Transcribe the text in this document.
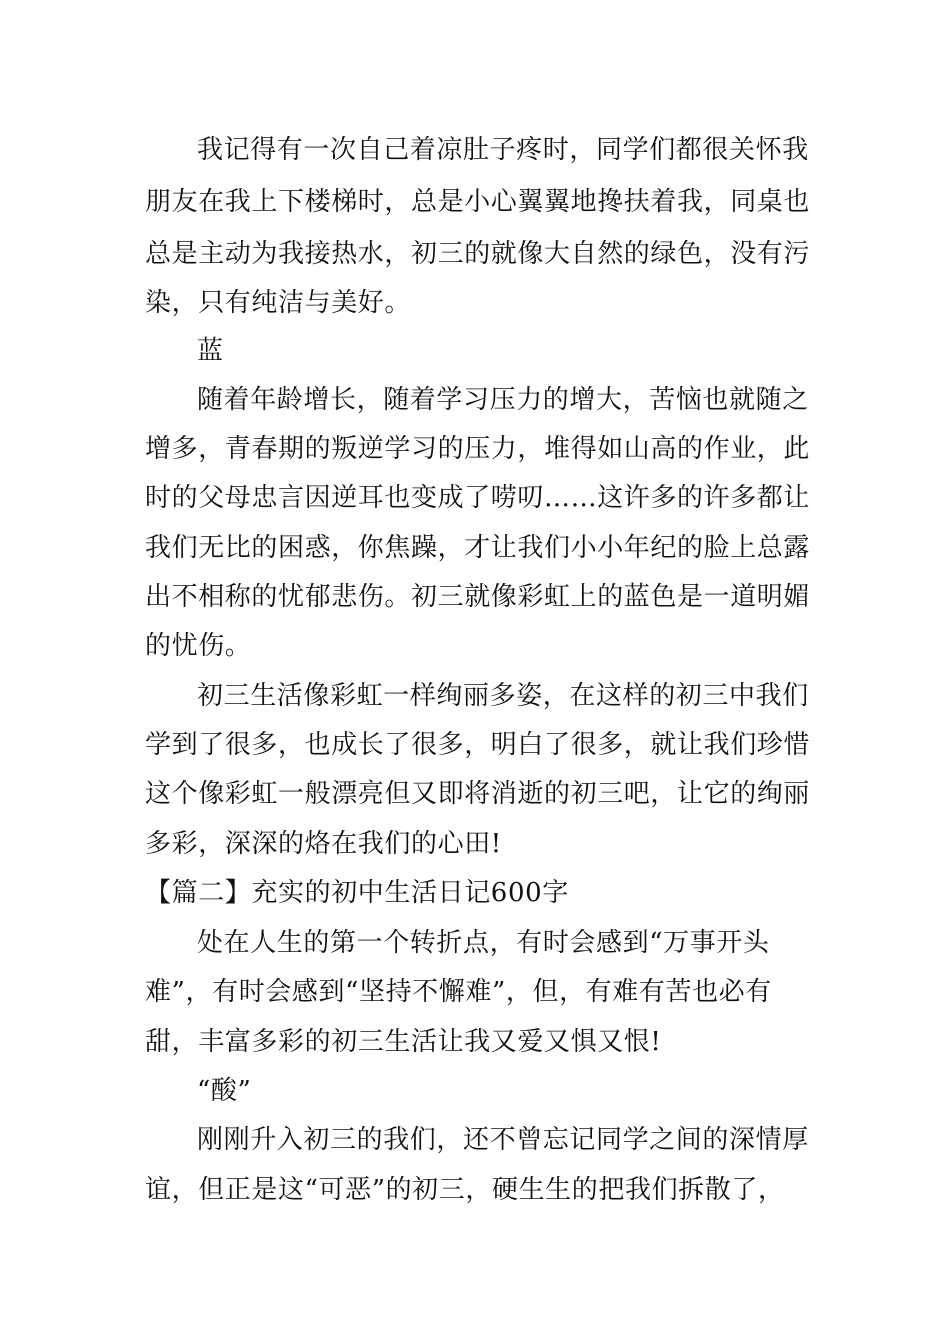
我记得有一次自己着凉肚子疼时，同学们都很关怀我
朋友在我上下楼梯时，总是小心翼翼地搀扶着我，同桌也
总是主动为我接热水，初三的就像大自然的绿色，没有污
染，只有纯洁与美好。
蓝
随着年龄增长，随着学习压力的增大，苦恼也就随之
增多，青春期的叛逆学习的压力，堆得如山高的作业，此
时的父母忠言因逆耳也变成了唠叨……这许多的许多都让
我们无比的困惑，你焦躁，才让我们小小年纪的脸上总露
出不相称的忧郁悲伤。初三就像彩虹上的蓝色是一道明媚
的忧伤。
初三生活像彩虹一样绚丽多姿，在这样的初三中我们
学到了很多，也成长了很多，明白了很多，就让我们珍惜
这个像彩虹一般漂亮但又即将消逝的初三吧，让它的绚丽
多彩，深深的烙在我们的心田!
【篇二】充实的初中生活日记600字
处在人生的第一个转折点，有时会感到“万事开头
难”，有时会感到“坚持不懈难”，但，有难有苦也必有
甜，丰富多彩的初三生活让我又爱又惧又恨!
“酸”
刚刚升入初三的我们，还不曾忘记同学之间的深情厚
谊，但正是这“可恶”的初三，硬生生的把我们拆散了，
